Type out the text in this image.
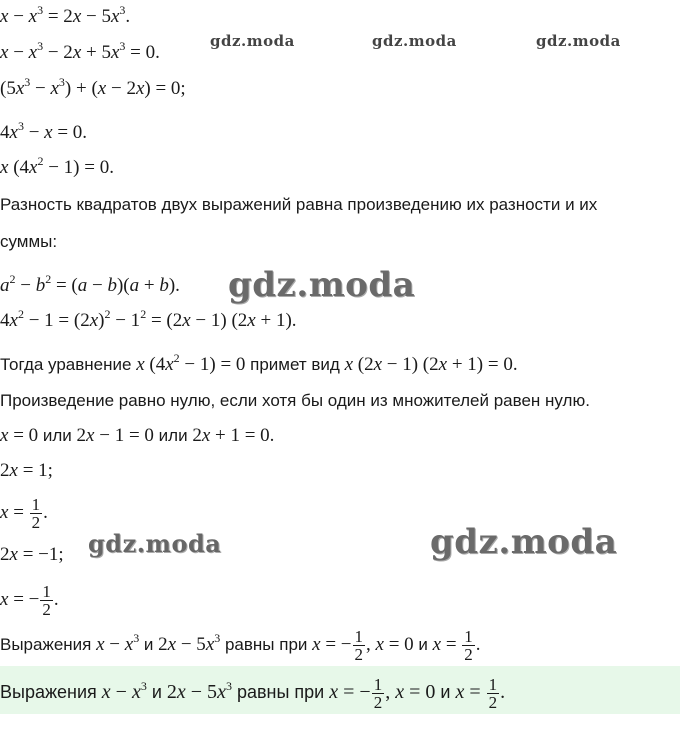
gdz.moda	gdz.moda	gdz.moda
gdz.moda
gdz.moda	gdz.moda
$x - x^3 = 2x - 5x^3$.
$x - x^3 - 2x + 5x^3 = 0$.
$(5x^3 - x^3) + (x - 2x) = 0$;
$4x^3 - x = 0$.
x $(4x^2 - 1) = 0$.
Разность квадратов двух выражений равна произведению их разности и их
суммы:
$a^2 - b^2 = (a - b)(a + b)$.
$4x^2 - 1 = (2x)^2 - 1^2 = (2x - 1) (2x + 1)$.
Тогда уравнение x $(4x^2 - 1) = 0$ примет вид x (2x − 1) (2x + 1) = 0.
Произведение равно нулю, если хотя бы один из множителей равен нулю.
x = 0 или 2x − 1 = 0 или 2x + 1 = 0.
2x = 1;
$x = \frac{1}{2}$ .
2x = −1;
x = − $\frac{1}{2}$ .
Выражения $x - x^3$ и $2x - 5x^3$ равны при x = − $\frac{1}{2}$ , x = 0 и $x = \frac{1}{2}$ .
Выражения $x - x^3$ и $2x - 5x^3$ равны при x = − $\frac{1}{2}$ , x = 0 и $x = \frac{1}{2}$ .
